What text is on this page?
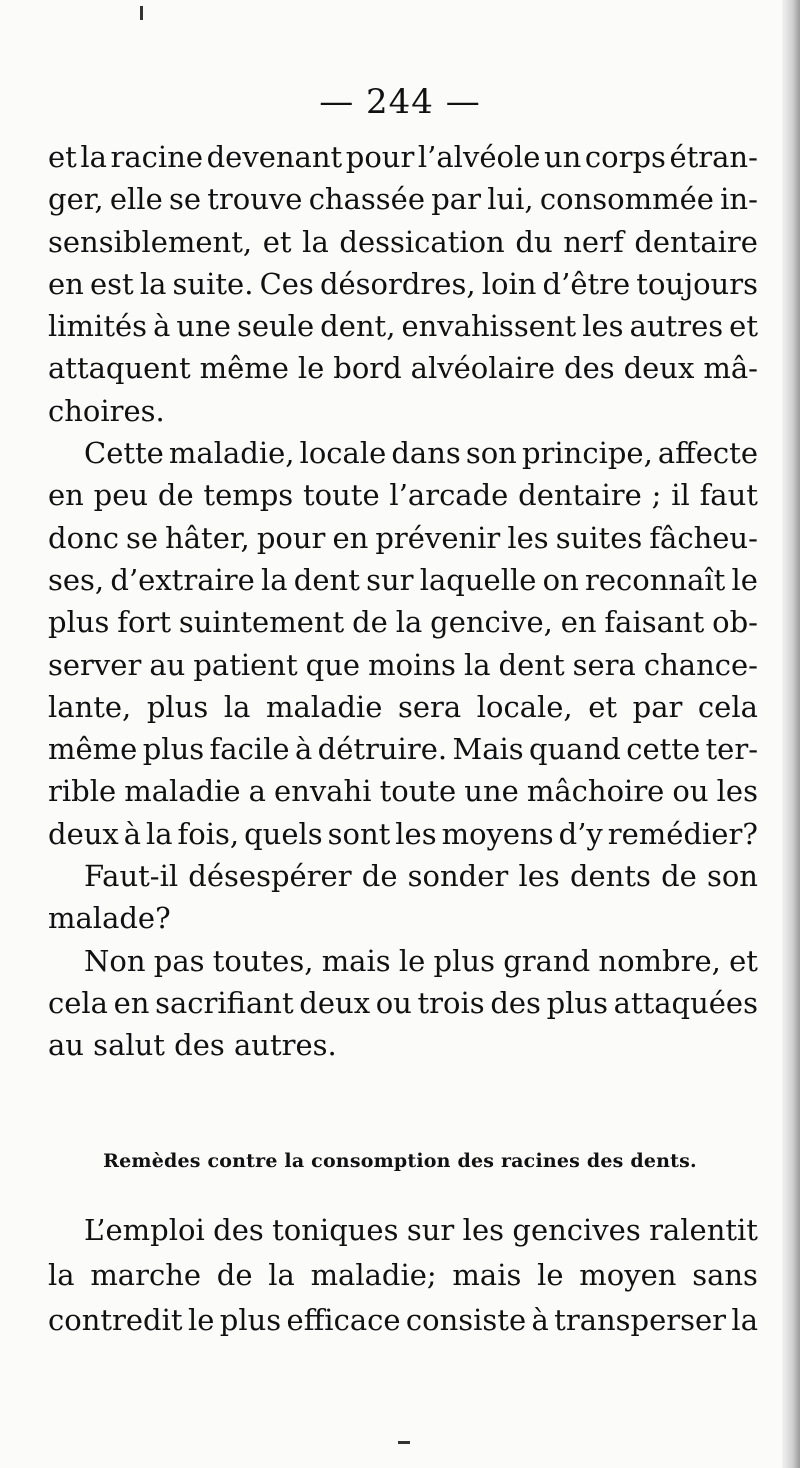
— 244 —
et la racine devenant pour l’alvéole un corps étran-
ger, elle se trouve chassée par lui, consommée in-
sensiblement, et la dessication du nerf dentaire
en est la suite. Ces désordres, loin d’être toujours
limités à une seule dent, envahissent les autres et
attaquent même le bord alvéolaire des deux mâ-
choires.
Cette maladie, locale dans son principe, affecte
en peu de temps toute l’arcade dentaire ; il faut
donc se hâter, pour en prévenir les suites fâcheu-
ses, d’extraire la dent sur laquelle on reconnaît le
plus fort suintement de la gencive, en faisant ob-
server au patient que moins la dent sera chance-
lante, plus la maladie sera locale, et par cela
même plus facile à détruire. Mais quand cette ter-
rible maladie a envahi toute une mâchoire ou les
deux à la fois, quels sont les moyens d’y remédier?
Faut-il désespérer de sonder les dents de son
malade?
Non pas toutes, mais le plus grand nombre, et
cela en sacrifiant deux ou trois des plus attaquées
au salut des autres.
Remèdes contre la consomption des racines des dents.
L’emploi des toniques sur les gencives ralentit
la marche de la maladie; mais le moyen sans
contredit le plus efficace consiste à transperser la
